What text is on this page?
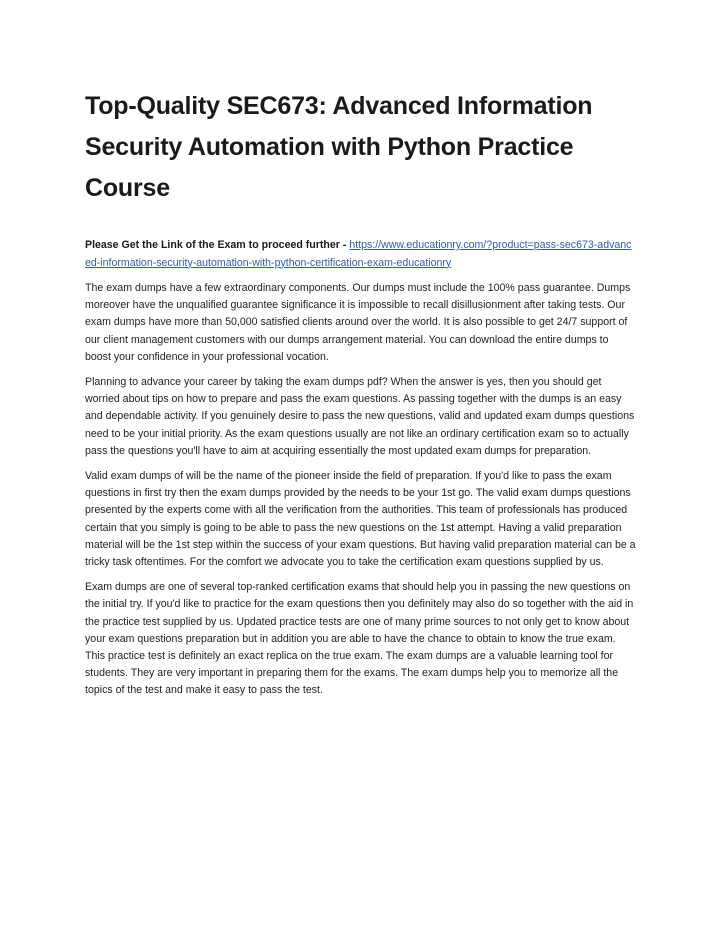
Top-Quality SEC673: Advanced Information Security Automation with Python Practice Course

Please Get the Link of the Exam to proceed further - https://www.educationry.com/?product=pass-sec673-advanced-information-security-automation-with-python-certification-exam-educationry

The exam dumps have a few extraordinary components. Our dumps must include the 100% pass guarantee. Dumps moreover have the unqualified guarantee significance it is impossible to recall disillusionment after taking tests. Our exam dumps have more than 50,000 satisfied clients around over the world. It is also possible to get 24/7 support of our client management customers with our dumps arrangement material. You can download the entire dumps to boost your confidence in your professional vocation.

Planning to advance your career by taking the exam dumps pdf? When the answer is yes, then you should get worried about tips on how to prepare and pass the exam questions. As passing together with the dumps is an easy and dependable activity. If you genuinely desire to pass the new questions, valid and updated exam dumps questions need to be your initial priority. As the exam questions usually are not like an ordinary certification exam so to actually pass the questions you'll have to aim at acquiring essentially the most updated exam dumps for preparation.

Valid exam dumps of will be the name of the pioneer inside the field of preparation. If you'd like to pass the exam questions in first try then the exam dumps provided by the needs to be your 1st go. The valid exam dumps questions presented by the experts come with all the verification from the authorities. This team of professionals has produced certain that you simply is going to be able to pass the new questions on the 1st attempt. Having a valid preparation material will be the 1st step within the success of your exam questions. But having valid preparation material can be a tricky task oftentimes. For the comfort we advocate you to take the certification exam questions supplied by us.

Exam dumps are one of several top-ranked certification exams that should help you in passing the new questions on the initial try. If you'd like to practice for the exam questions then you definitely may also do so together with the aid in the practice test supplied by us. Updated practice tests are one of many prime sources to not only get to know about your exam questions preparation but in addition you are able to have the chance to obtain to know the true exam. This practice test is definitely an exact replica on the true exam. The exam dumps are a valuable learning tool for students. They are very important in preparing them for the exams. The exam dumps help you to memorize all the topics of the test and make it easy to pass the test.
